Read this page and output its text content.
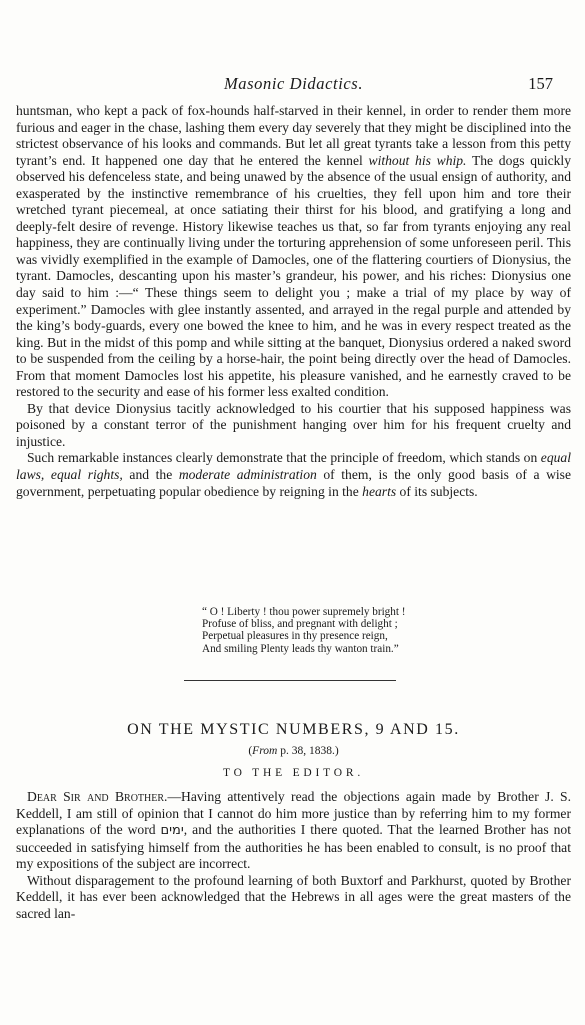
Masonic Didactics.	157

huntsman, who kept a pack of fox-hounds half-starved in their kennel, in order to render them more furious and eager in the chase, lashing them every day severely that they might be disciplined into the strictest observance of his looks and commands. But let all great tyrants take a lesson from this petty tyrant’s end. It happened one day that he entered the kennel without his whip. The dogs quickly observed his defenceless state, and being unawed by the absence of the usual ensign of authority, and exasperated by the instinctive remembrance of his cruelties, they fell upon him and tore their wretched tyrant piecemeal, at once satiating their thirst for his blood, and gratifying a long and deeply-felt desire of revenge. History likewise teaches us that, so far from tyrants enjoying any real happiness, they are continually living under the torturing apprehension of some unforeseen peril. This was vividly exemplified in the example of Damocles, one of the flattering courtiers of Dionysius, the tyrant. Damocles, descanting upon his master’s grandeur, his power, and his riches: Dionysius one day said to him :—“ These things seem to delight you ; make a trial of my place by way of experiment.” Damocles with glee instantly assented, and arrayed in the regal purple and attended by the king’s body-guards, every one bowed the knee to him, and he was in every respect treated as the king. But in the midst of this pomp and while sitting at the banquet, Dionysius ordered a naked sword to be suspended from the ceiling by a horse-hair, the point being directly over the head of Damocles. From that moment Damocles lost his appetite, his pleasure vanished, and he earnestly craved to be restored to the security and ease of his former less exalted condition.

By that device Dionysius tacitly acknowledged to his courtier that his supposed happiness was poisoned by a constant terror of the punishment hanging over him for his frequent cruelty and injustice.

Such remarkable instances clearly demonstrate that the principle of freedom, which stands on equal laws, equal rights, and the moderate administration of them, is the only good basis of a wise government, perpetuating popular obedience by reigning in the hearts of its subjects.

“ O ! Liberty ! thou power supremely bright !
Profuse of bliss, and pregnant with delight ;
Perpetual pleasures in thy presence reign,
And smiling Plenty leads thy wanton train.”
ON THE MYSTIC NUMBERS, 9 AND 15.
(From p. 38, 1838.)
TO THE EDITOR.

Dear Sir and Brother.—Having attentively read the objections again made by Brother J. S. Keddell, I am still of opinion that I cannot do him more justice than by referring him to my former explanations of the word ימים, and the authorities I there quoted. That the learned Brother has not succeeded in satisfying himself from the authorities he has been enabled to consult, is no proof that my expositions of the subject are incorrect.

Without disparagement to the profound learning of both Buxtorf and Parkhurst, quoted by Brother Keddell, it has ever been acknowledged that the Hebrews in all ages were the great masters of the sacred lan-
